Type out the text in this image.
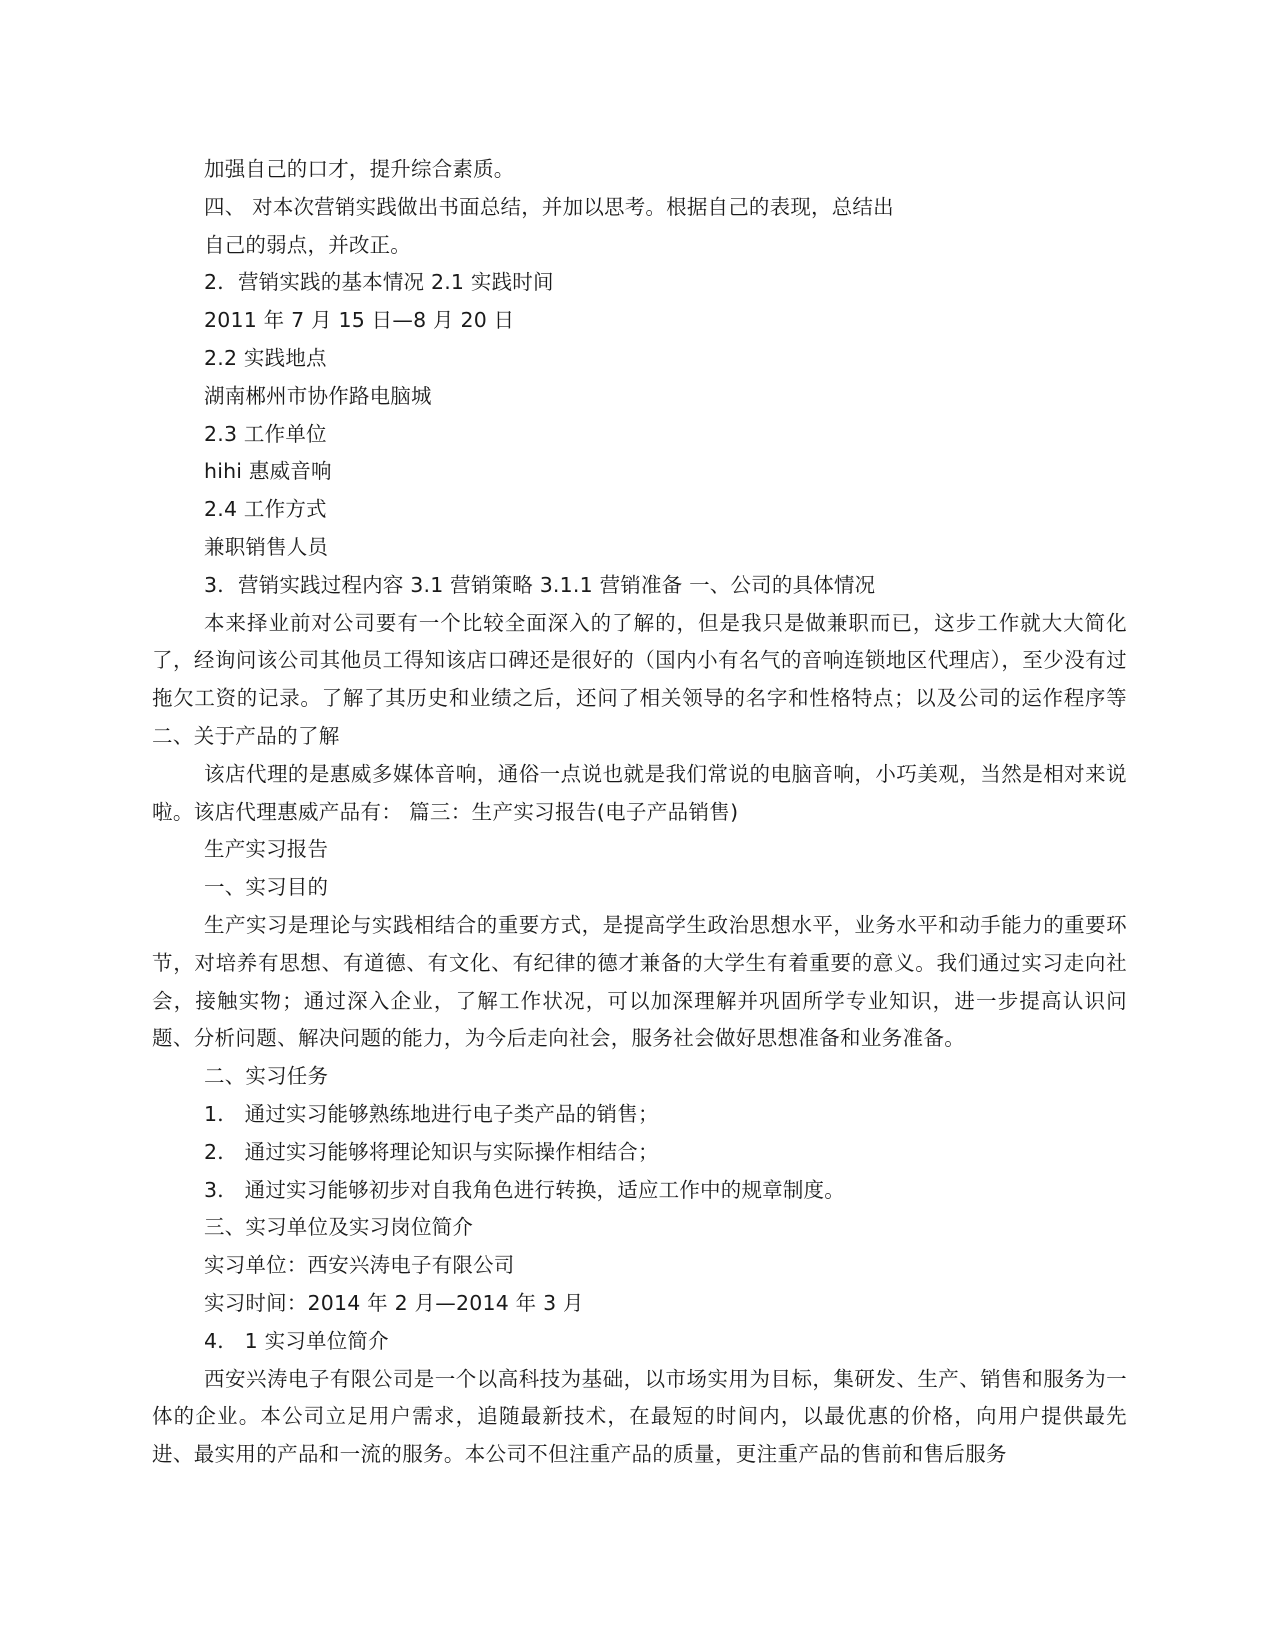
加强自己的口才，提升综合素质。
四、 对本次营销实践做出书面总结，并加以思考。根据自己的表现，总结出
自己的弱点，并改正。
2．营销实践的基本情况 2.1 实践时间
2011 年 7 月 15 日—8 月 20 日
2.2 实践地点
湖南郴州市协作路电脑城
2.3 工作单位
hihi 惠威音响
2.4 工作方式
兼职销售人员
3．营销实践过程内容 3.1 营销策略 3.1.1 营销准备 一、公司的具体情况

本来择业前对公司要有一个比较全面深入的了解的，但是我只是做兼职而已，这步工作就大大简化了，经询问该公司其他员工得知该店口碑还是很好的（国内小有名气的音响连锁地区代理店），至少没有过拖欠工资的记录。了解了其历史和业绩之后，还问了相关领导的名字和性格特点；以及公司的运作程序等 二、关于产品的了解

该店代理的是惠威多媒体音响，通俗一点说也就是我们常说的电脑音响，小巧美观，当然是相对来说啦。该店代理惠威产品有： 篇三：生产实习报告(电子产品销售)

生产实习报告
一、实习目的

生产实习是理论与实践相结合的重要方式，是提高学生政治思想水平，业务水平和动手能力的重要环节，对培养有思想、有道德、有文化、有纪律的德才兼备的大学生有着重要的意义。我们通过实习走向社会，接触实物；通过深入企业，了解工作状况，可以加深理解并巩固所学专业知识，进一步提高认识问题、分析问题、解决问题的能力，为今后走向社会，服务社会做好思想准备和业务准备。

二、实习任务
1． 通过实习能够熟练地进行电子类产品的销售；
2． 通过实习能够将理论知识与实际操作相结合；
3． 通过实习能够初步对自我角色进行转换，适应工作中的规章制度。
三、实习单位及实习岗位简介
实习单位：西安兴涛电子有限公司
实习时间：2014 年 2 月—2014 年 3 月
4． 1 实习单位简介

西安兴涛电子有限公司是一个以高科技为基础，以市场实用为目标，集研发、生产、销售和服务为一体的企业。本公司立足用户需求，追随最新技术，在最短的时间内，以最优惠的价格，向用户提供最先进、最实用的产品和一流的服务。本公司不但注重产品的质量，更注重产品的售前和售后服务
